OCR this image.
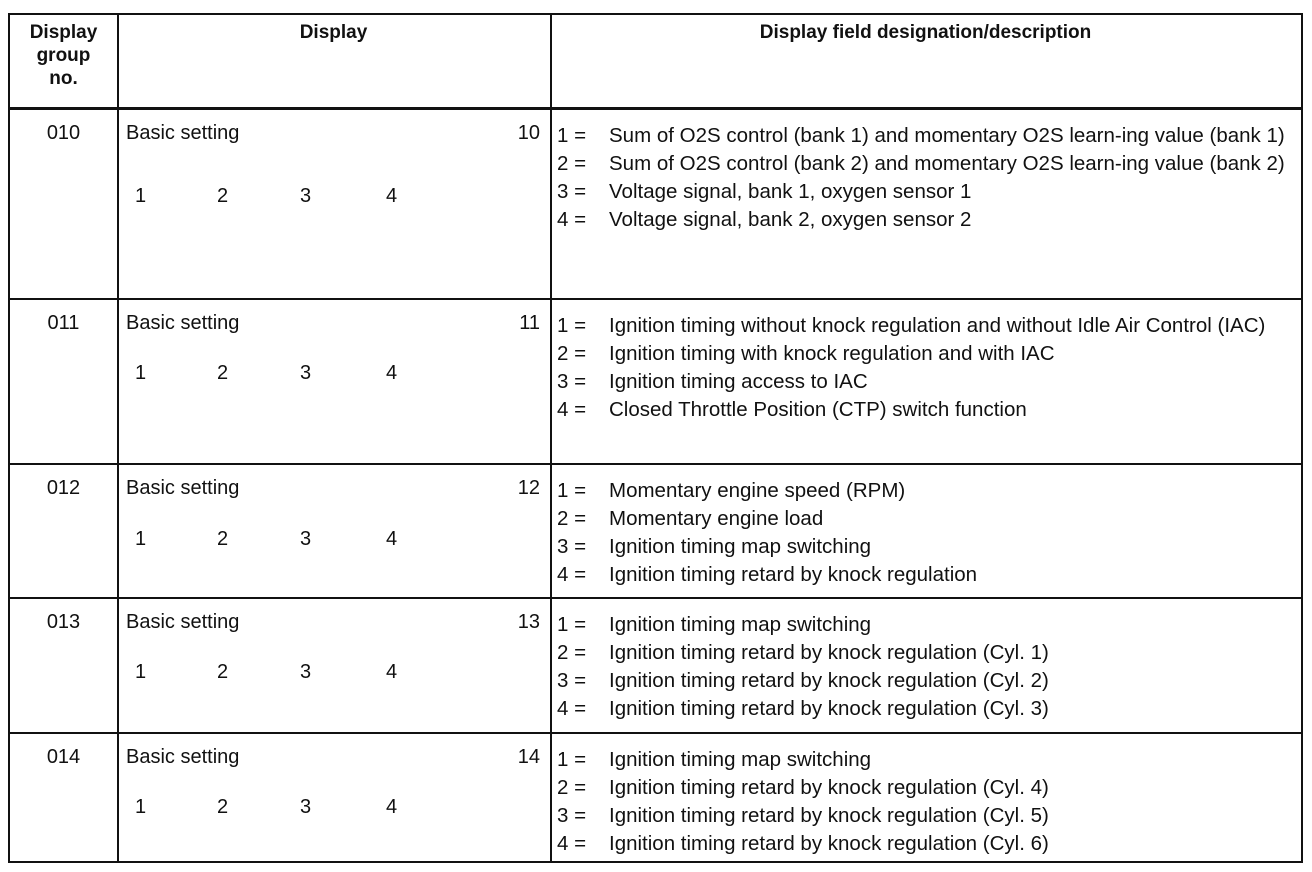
Display group no.
Display	Display field designation/description
010	Basic setting	10
1	2	3	4
1 =	Sum of O2S control (bank 1) and momentary O2S learn-ing value (bank 1)
2 =	Sum of O2S control (bank 2) and momentary O2S learn-ing value (bank 2)
3 =	Voltage signal, bank 1, oxygen sensor 1
4 =	Voltage signal, bank 2, oxygen sensor 2
011	Basic setting	11
1	2	3	4
1 =	Ignition timing without knock regulation and without Idle Air Control (IAC)
2 =	Ignition timing with knock regulation and with IAC
3 =	Ignition timing access to IAC
4 =	Closed Throttle Position (CTP) switch function
012	Basic setting	12
1	2	3	4
1 =	Momentary engine speed (RPM)
2 =	Momentary engine load
3 =	Ignition timing map switching
4 =	Ignition timing retard by knock regulation
013	Basic setting	13
1	2	3	4
1 =	Ignition timing map switching
2 =	Ignition timing retard by knock regulation (Cyl. 1)
3 =	Ignition timing retard by knock regulation (Cyl. 2)
4 =	Ignition timing retard by knock regulation (Cyl. 3)
014	Basic setting	14
1	2	3	4
1 =	Ignition timing map switching
2 =	Ignition timing retard by knock regulation (Cyl. 4)
3 =	Ignition timing retard by knock regulation (Cyl. 5)
4 =	Ignition timing retard by knock regulation (Cyl. 6)
